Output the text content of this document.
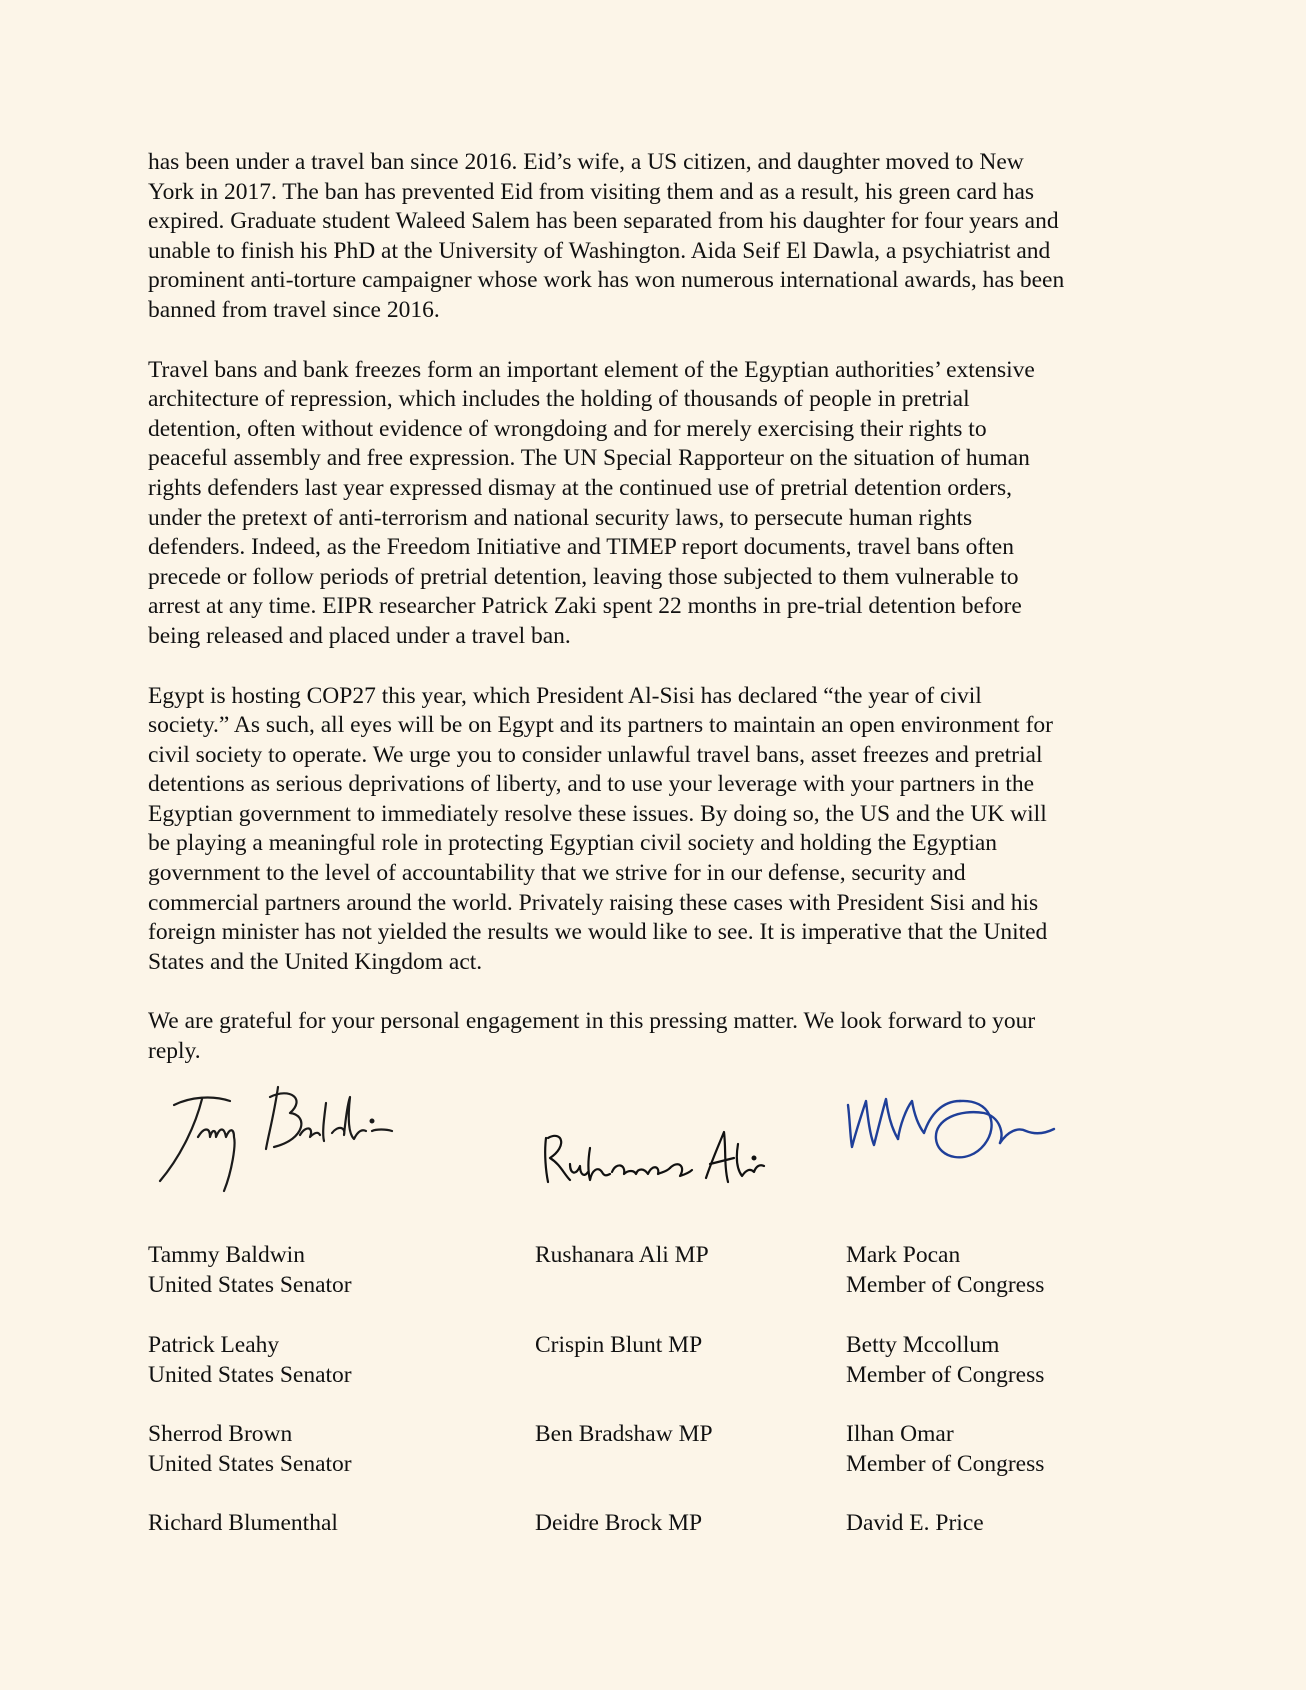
has been under a travel ban since 2016. Eid’s wife, a US citizen, and daughter moved to New
York in 2017. The ban has prevented Eid from visiting them and as a result, his green card has
expired. Graduate student Waleed Salem has been separated from his daughter for four years and
unable to finish his PhD at the University of Washington. Aida Seif El Dawla, a psychiatrist and
prominent anti-torture campaigner whose work has won numerous international awards, has been
banned from travel since 2016.

Travel bans and bank freezes form an important element of the Egyptian authorities’ extensive
architecture of repression, which includes the holding of thousands of people in pretrial
detention, often without evidence of wrongdoing and for merely exercising their rights to
peaceful assembly and free expression. The UN Special Rapporteur on the situation of human
rights defenders last year expressed dismay at the continued use of pretrial detention orders,
under the pretext of anti-terrorism and national security laws, to persecute human rights
defenders. Indeed, as the Freedom Initiative and TIMEP report documents, travel bans often
precede or follow periods of pretrial detention, leaving those subjected to them vulnerable to
arrest at any time. EIPR researcher Patrick Zaki spent 22 months in pre-trial detention before
being released and placed under a travel ban.

Egypt is hosting COP27 this year, which President Al-Sisi has declared “the year of civil
society.” As such, all eyes will be on Egypt and its partners to maintain an open environment for
civil society to operate. We urge you to consider unlawful travel bans, asset freezes and pretrial
detentions as serious deprivations of liberty, and to use your leverage with your partners in the
Egyptian government to immediately resolve these issues. By doing so, the US and the UK will
be playing a meaningful role in protecting Egyptian civil society and holding the Egyptian
government to the level of accountability that we strive for in our defense, security and
commercial partners around the world. Privately raising these cases with President Sisi and his
foreign minister has not yielded the results we would like to see. It is imperative that the United
States and the United Kingdom act.

We are grateful for your personal engagement in this pressing matter. We look forward to your
reply.

Tammy Baldwin
United States Senator
Patrick Leahy
United States Senator
Sherrod Brown
United States Senator
Richard Blumenthal
Rushanara Ali MP
Crispin Blunt MP
Ben Bradshaw MP
Deidre Brock MP
Mark Pocan
Member of Congress
Betty Mccollum
Member of Congress
Ilhan Omar
Member of Congress
David E. Price
